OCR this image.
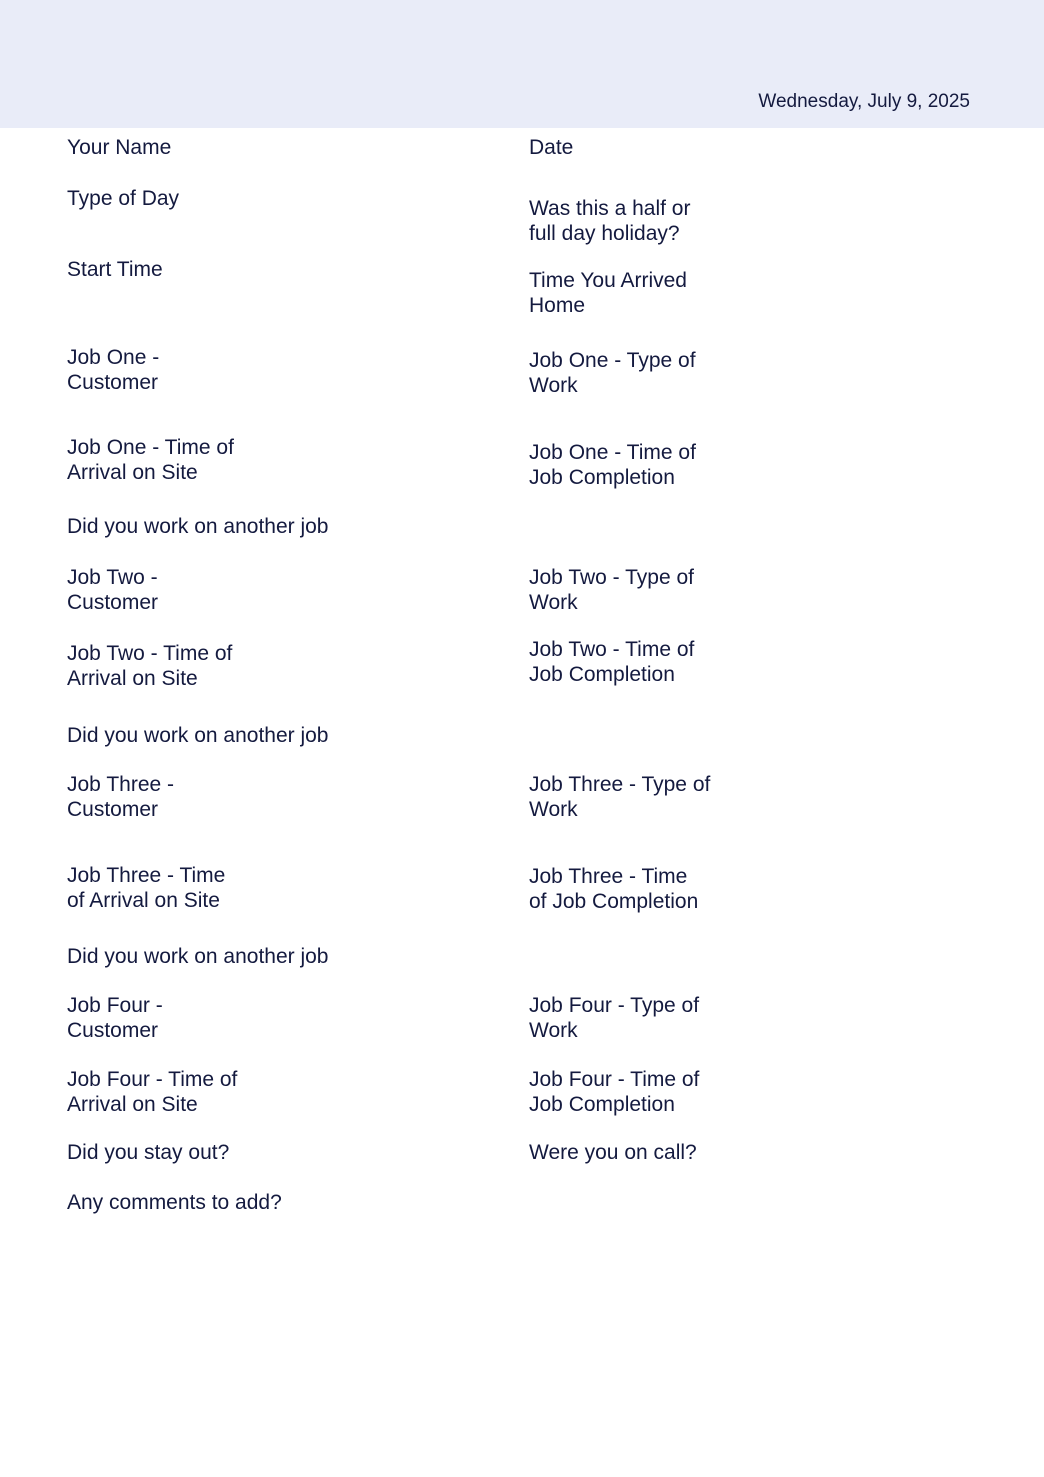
Wednesday, July 9, 2025
Your Name
Type of Day
Start Time
Job One -
Customer
Job One - Time of
Arrival on Site
Did you work on another job
Job Two -
Customer
Job Two - Time of
Arrival on Site
Did you work on another job
Job Three -
Customer
Job Three - Time
of Arrival on Site
Did you work on another job
Job Four -
Customer
Job Four - Time of
Arrival on Site
Did you stay out?
Any comments to add?
Date
Was this a half or
full day holiday?
Time You Arrived
Home
Job One - Type of
Work
Job One - Time of
Job Completion
Job Two - Type of
Work
Job Two - Time of
Job Completion
Job Three - Type of
Work
Job Three - Time
of Job Completion
Job Four - Type of
Work
Job Four - Time of
Job Completion
Were you on call?
